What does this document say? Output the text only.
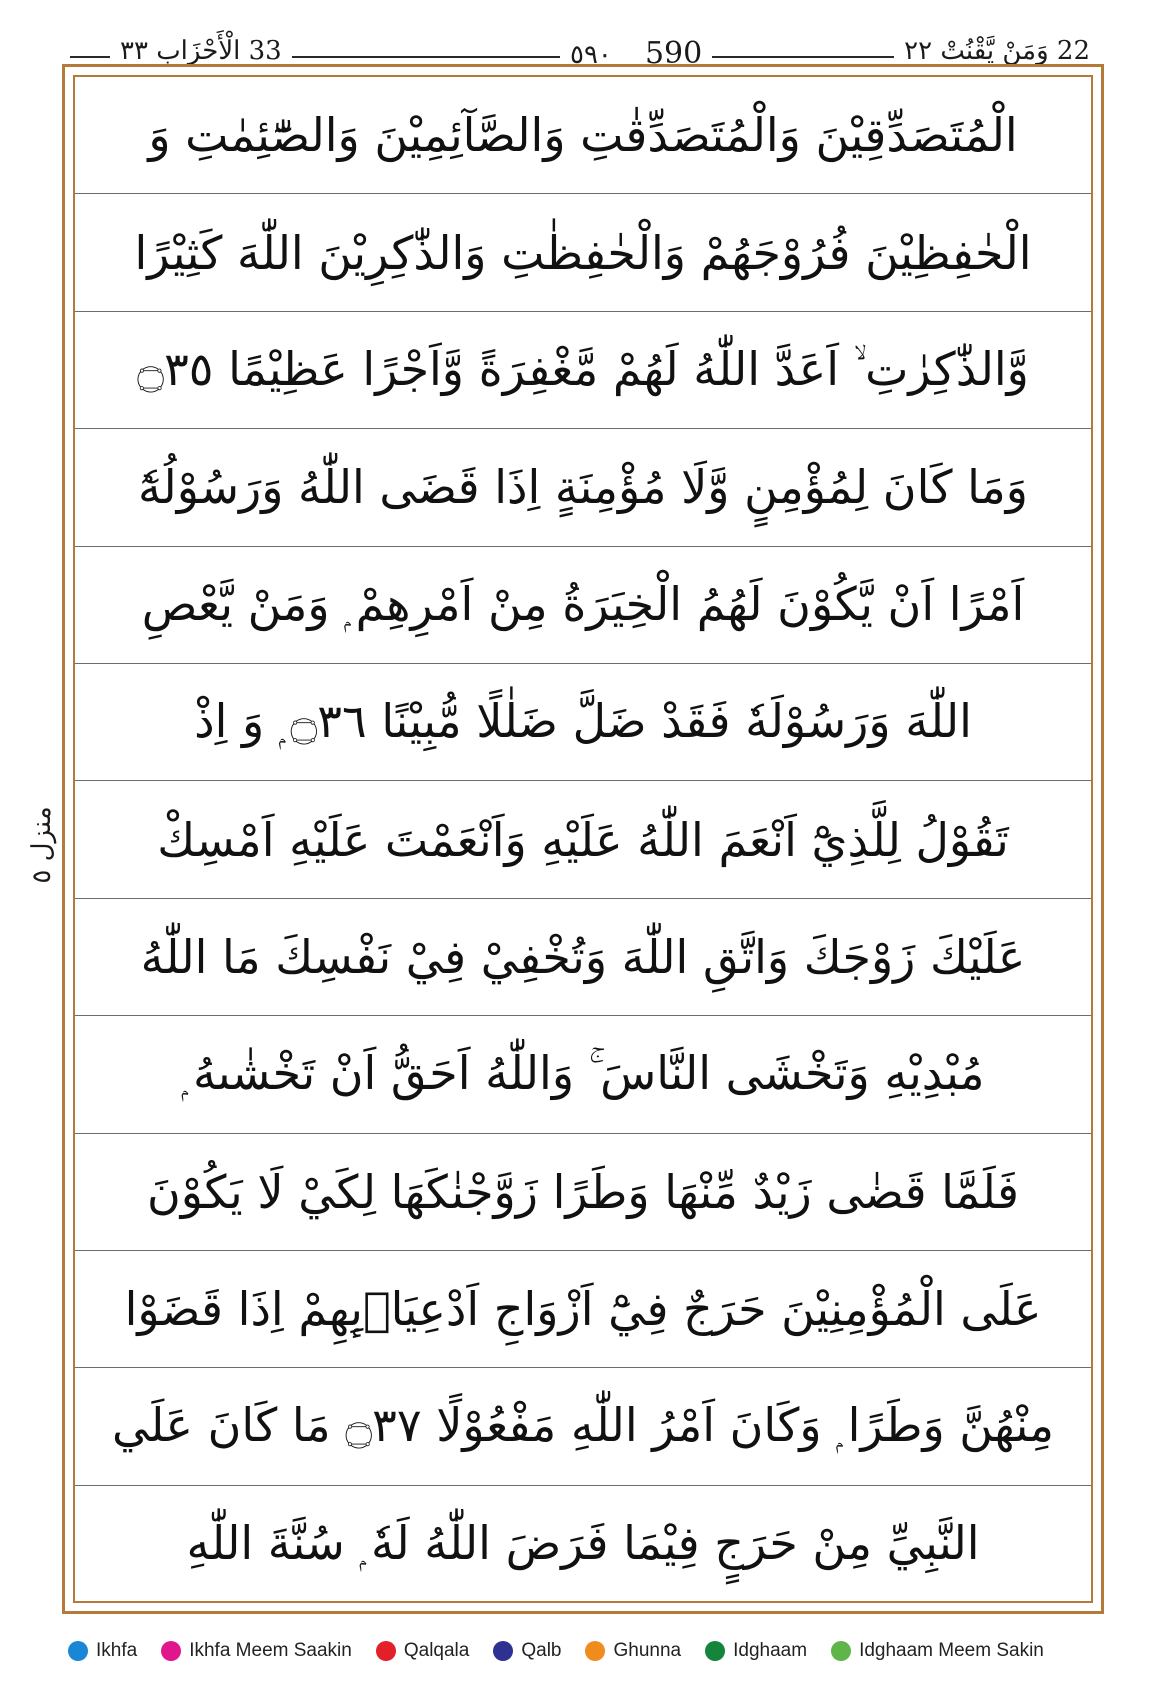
22 وَمَنْ يَّقْنُتْ ٢٢
٥٩٠ 590
33 الْأَحْزَاب ٣٣
منزل ٥
الْمُتَصَدِّقِيْنَ وَالْمُتَصَدِّقٰتِ وَالصَّآئِمِيْنَ وَالصّٰٓئِمٰتِ وَ
الْحٰفِظِيْنَ فُرُوْجَهُمْ وَالْحٰفِظٰتِ وَالذّٰكِرِيْنَ اللّٰهَ كَثِيْرًا
وَّالذّٰكِرٰتِ ۙ اَعَدَّ اللّٰهُ لَهُمْ مَّغْفِرَةً وَّاَجْرًا عَظِيْمًا ۝٣٥
وَمَا كَانَ لِمُؤْمِنٍ وَّلَا مُؤْمِنَةٍ اِذَا قَضَى اللّٰهُ وَرَسُوْلُهٗٓ
اَمْرًا اَنْ يَّكُوْنَ لَهُمُ الْخِيَرَةُ مِنْ اَمْرِهِمْ ۭ وَمَنْ يَّعْصِ
اللّٰهَ وَرَسُوْلَهٗ فَقَدْ ضَلَّ ضَلٰلًا مُّبِيْنًا ۝٣٦ ۭ وَ اِذْ
تَقُوْلُ لِلَّذِيْٓ اَنْعَمَ اللّٰهُ عَلَيْهِ وَاَنْعَمْتَ عَلَيْهِ اَمْسِكْ
عَلَيْكَ زَوْجَكَ وَاتَّقِ اللّٰهَ وَتُخْفِيْ فِيْ نَفْسِكَ مَا اللّٰهُ
مُبْدِيْهِ وَتَخْشَى النَّاسَ ۚ وَاللّٰهُ اَحَقُّ اَنْ تَخْشٰىهُ ۭ
فَلَمَّا قَضٰى زَيْدٌ مِّنْهَا وَطَرًا زَوَّجْنٰكَهَا لِكَيْ لَا يَكُوْنَ
عَلَى الْمُؤْمِنِيْنَ حَرَجٌ فِيْٓ اَزْوَاجِ اَدْعِيَاۗىِٕهِمْ اِذَا قَضَوْا
مِنْهُنَّ وَطَرًا ۭ وَكَانَ اَمْرُ اللّٰهِ مَفْعُوْلًا ۝٣٧ مَا كَانَ عَلَي
النَّبِيِّ مِنْ حَرَجٍ فِيْمَا فَرَضَ اللّٰهُ لَهٗ ۭ سُنَّةَ اللّٰهِ
Ikhfa	Ikhfa Meem Saakin	Qalqala	Qalb	Ghunna	Idghaam	Idghaam Meem Sakin
